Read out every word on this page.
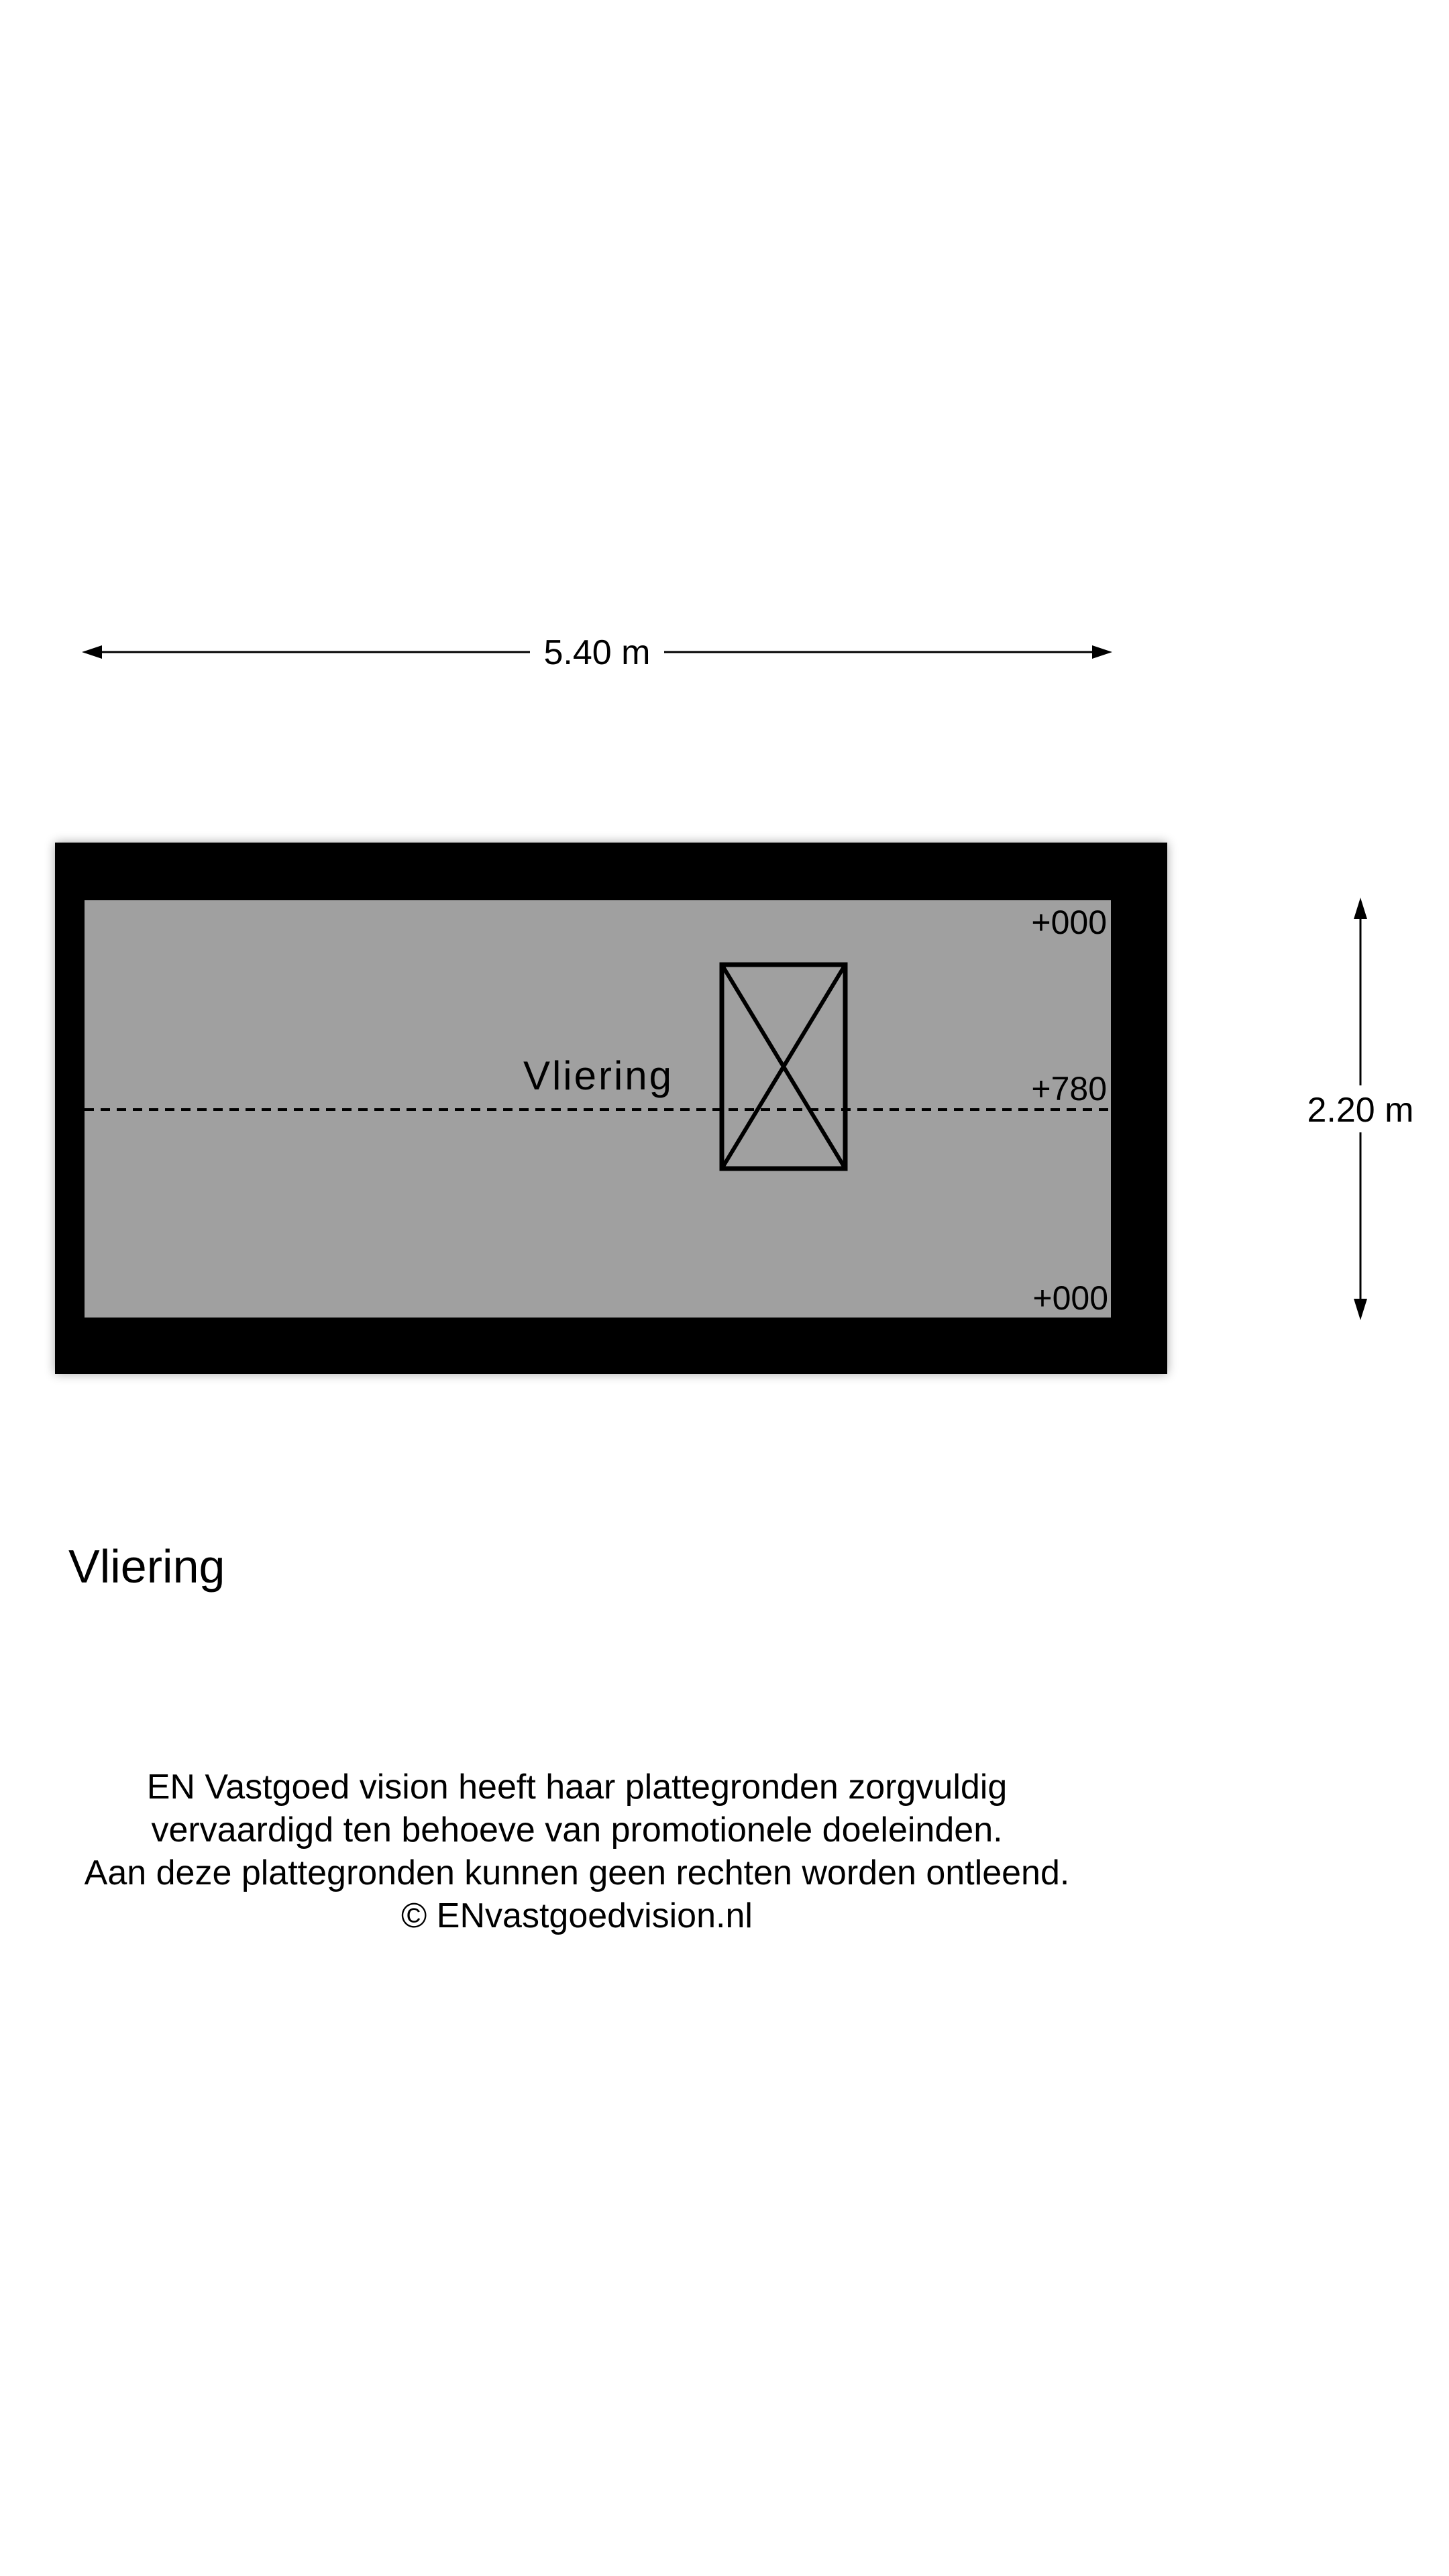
5.40 m
Vliering
+000
+780
+000
2.20 m
Vliering
EN Vastgoed vision heeft haar plattegronden zorgvuldig
vervaardigd ten behoeve van promotionele doeleinden.
Aan deze plattegronden kunnen geen rechten worden ontleend.
© ENvastgoedvision.nl
